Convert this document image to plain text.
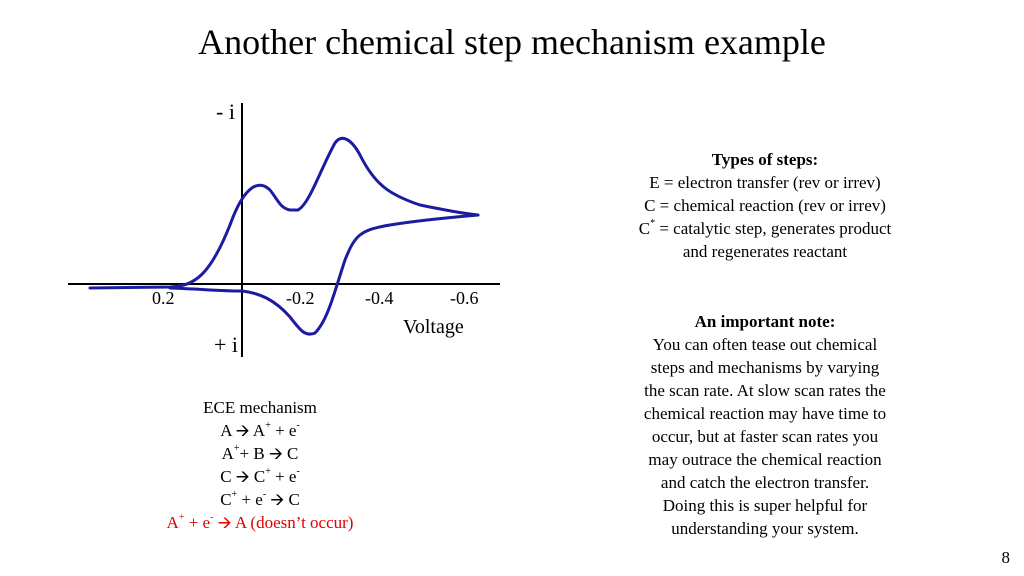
Another chemical step mechanism example
- i
+ i
Voltage
0.2	-0.2	-0.4	-0.6
ECE mechanism
A 🡪 A+ + e-
A++ B 🡪 C
C 🡪 C+ + e-
C+ + e- 🡪 C
A+ + e- 🡪 A (doesn’t occur)
Types of steps:
E = electron transfer (rev or irrev)
C = chemical reaction (rev or irrev)
C* = catalytic step, generates product
and regenerates reactant
An important note:
You can often tease out chemical
steps and mechanisms by varying
the scan rate. At slow scan rates the
chemical reaction may have time to
occur, but at faster scan rates you
may outrace the chemical reaction
and catch the electron transfer.
Doing this is super helpful for
understanding your system.
8
